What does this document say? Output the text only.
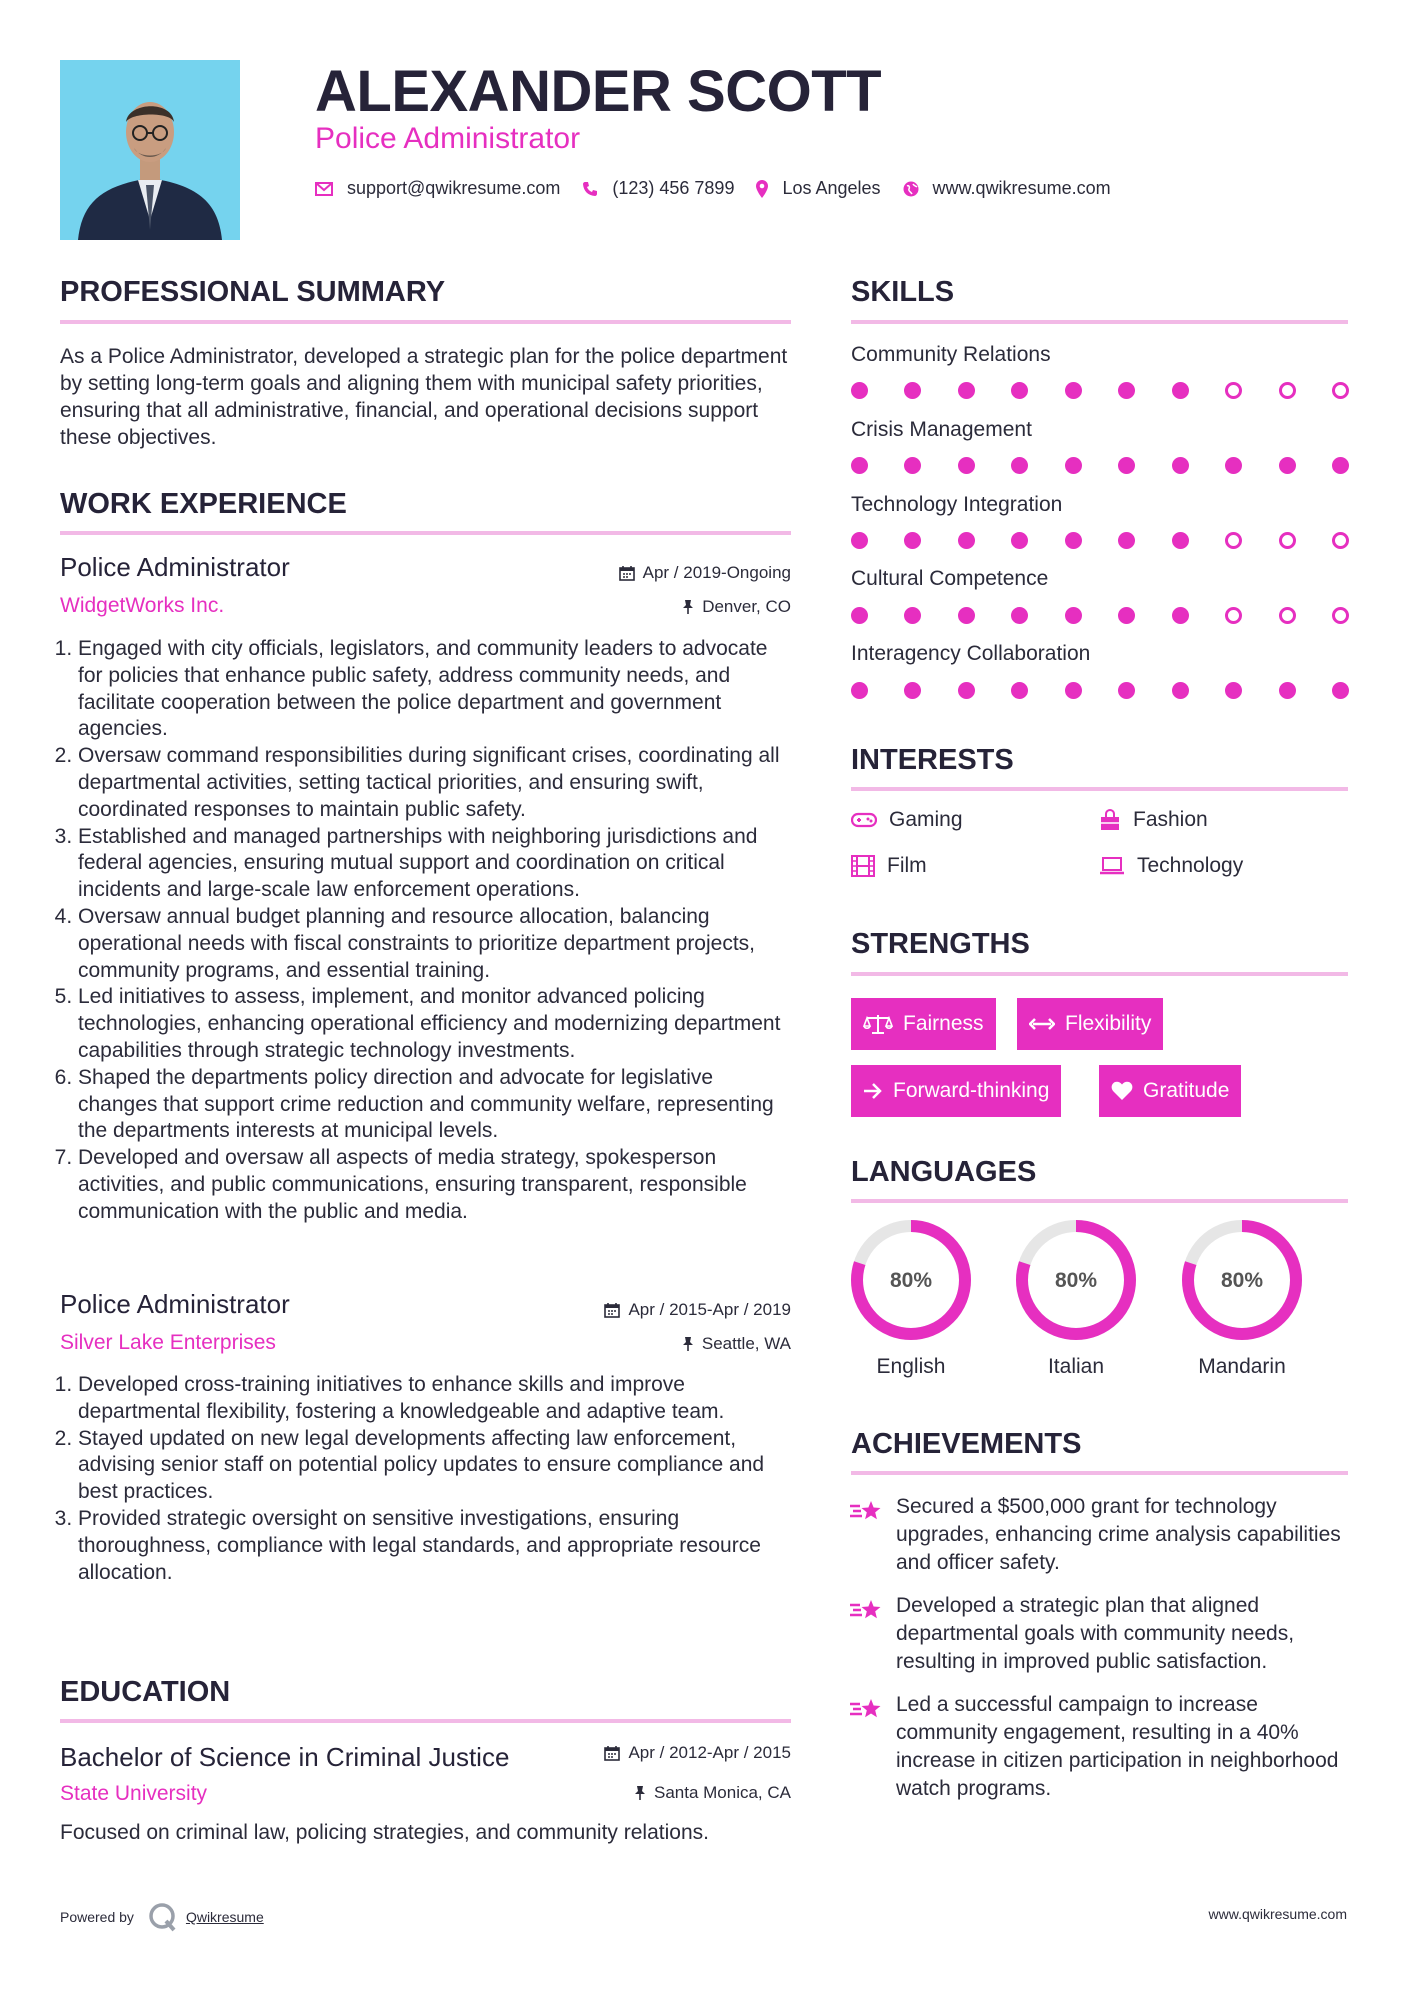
ALEXANDER SCOTT
Police Administrator
support@qwikresume.com	(123) 456 7899	Los Angeles	www.qwikresume.com
PROFESSIONAL SUMMARY
As a Police Administrator, developed a strategic plan for the police department by setting long-term goals and aligning them with municipal safety priorities, ensuring that all administrative, financial, and operational decisions support these objectives.
WORK EXPERIENCE
Police Administrator	Apr / 2019-Ongoing
WidgetWorks Inc.	Denver, CO
1. Engaged with city officials, legislators, and community leaders to advocate for policies that enhance public safety, address community needs, and facilitate cooperation between the police department and government agencies.
2. Oversaw command responsibilities during significant crises, coordinating all departmental activities, setting tactical priorities, and ensuring swift, coordinated responses to maintain public safety.
3. Established and managed partnerships with neighboring jurisdictions and federal agencies, ensuring mutual support and coordination on critical incidents and large-scale law enforcement operations.
4. Oversaw annual budget planning and resource allocation, balancing operational needs with fiscal constraints to prioritize department projects, community programs, and essential training.
5. Led initiatives to assess, implement, and monitor advanced policing technologies, enhancing operational efficiency and modernizing department capabilities through strategic technology investments.
6. Shaped the departments policy direction and advocate for legislative changes that support crime reduction and community welfare, representing the departments interests at municipal levels.
7. Developed and oversaw all aspects of media strategy, spokesperson activities, and public communications, ensuring transparent, responsible communication with the public and media.
Police Administrator	Apr / 2015-Apr / 2019
Silver Lake Enterprises	Seattle, WA
1. Developed cross-training initiatives to enhance skills and improve departmental flexibility, fostering a knowledgeable and adaptive team.
2. Stayed updated on new legal developments affecting law enforcement, advising senior staff on potential policy updates to ensure compliance and best practices.
3. Provided strategic oversight on sensitive investigations, ensuring thoroughness, compliance with legal standards, and appropriate resource allocation.
EDUCATION
Bachelor of Science in Criminal Justice	Apr / 2012-Apr / 2015
State University	Santa Monica, CA
Focused on criminal law, policing strategies, and community relations.
SKILLS
Community Relations
Crisis Management
Technology Integration
Cultural Competence
Interagency Collaboration
INTERESTS
Gaming	Fashion
Film	Technology
STRENGTHS
Fairness	Flexibility
Forward-thinking	Gratitude
LANGUAGES
80%	80%	80%
English	Italian	Mandarin
ACHIEVEMENTS
Secured a $500,000 grant for technology upgrades, enhancing crime analysis capabilities and officer safety.
Developed a strategic plan that aligned departmental goals with community needs, resulting in improved public satisfaction.
Led a successful campaign to increase community engagement, resulting in a 40% increase in citizen participation in neighborhood watch programs.
Powered by	Qwikresume	www.qwikresume.com
